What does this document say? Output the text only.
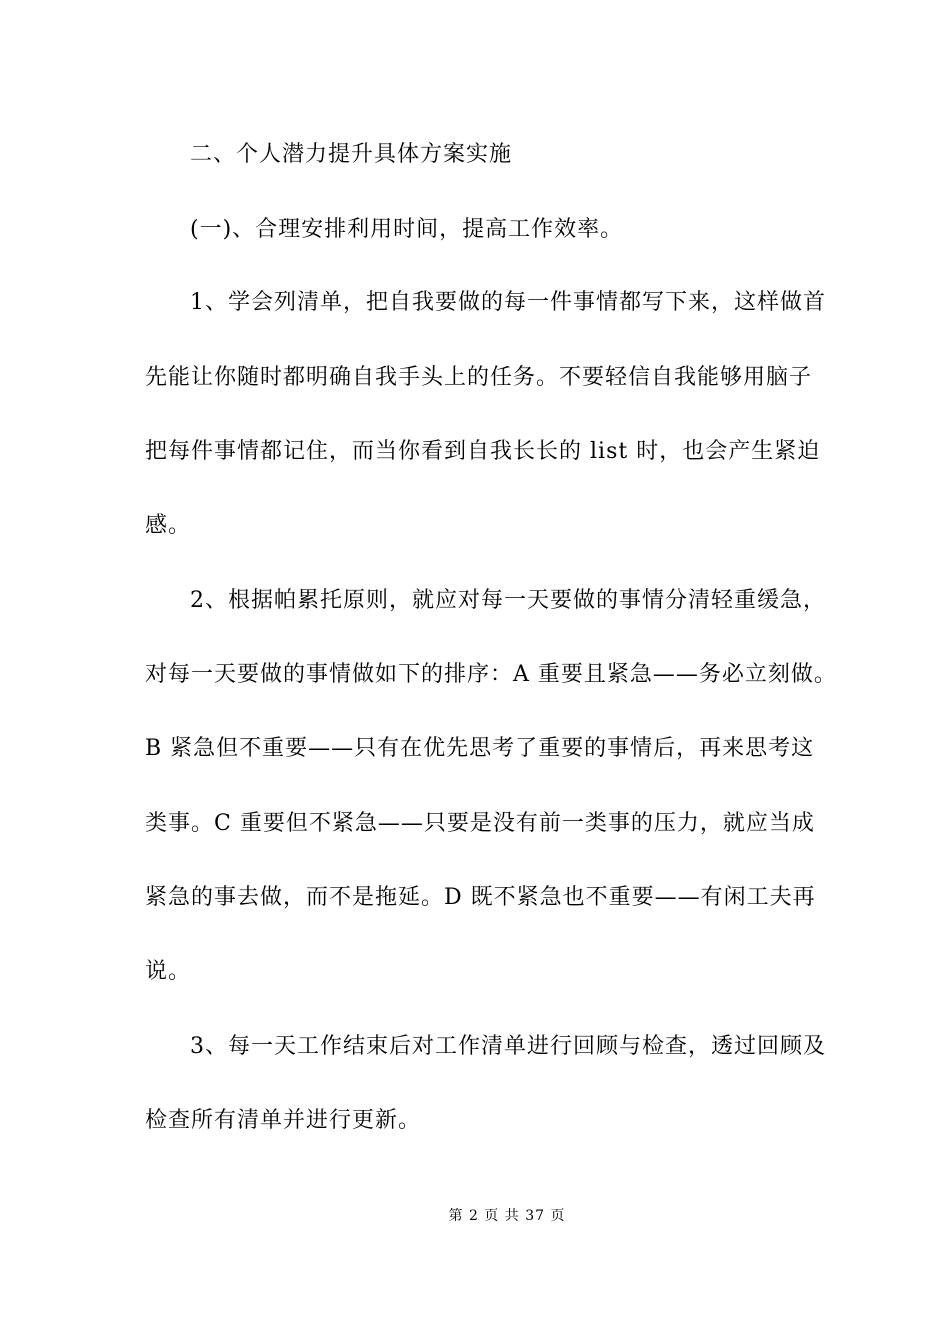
二、个人潜力提升具体方案实施
(一)、合理安排利用时间，提高工作效率。
1、学会列清单，把自我要做的每一件事情都写下来，这样做首
先能让你随时都明确自我手头上的任务。不要轻信自我能够用脑子
把每件事情都记住，而当你看到自我长长的 list 时，也会产生紧迫
感。
2、根据帕累托原则，就应对每一天要做的事情分清轻重缓急，
对每一天要做的事情做如下的排序：A 重要且紧急——务必立刻做。
B 紧急但不重要——只有在优先思考了重要的事情后，再来思考这
类事。C 重要但不紧急——只要是没有前一类事的压力，就应当成
紧急的事去做，而不是拖延。D 既不紧急也不重要——有闲工夫再
说。
3、每一天工作结束后对工作清单进行回顾与检查，透过回顾及
检查所有清单并进行更新。
第 2 页 共 37 页
